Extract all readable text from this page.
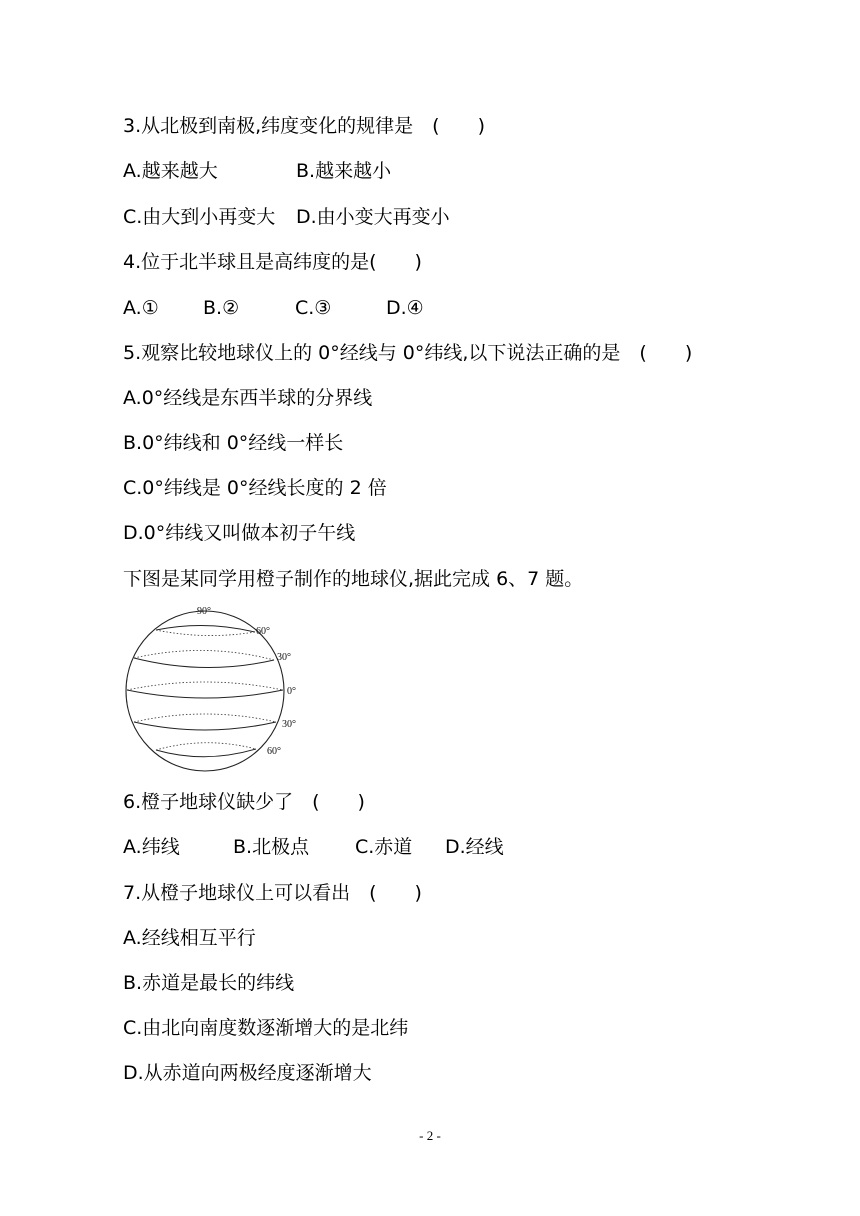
3.从北极到南极,纬度变化的规律是　(　　)
A.越来越大	B.越来越小
C.由大到小再变大 D.由小变大再变小
4.位于北半球且是高纬度的是(　　)
A.① B.②	C.③	D.④
5.观察比较地球仪上的 0°经线与 0°纬线,以下说法正确的是　(　　)
A.0°经线是东西半球的分界线
B.0°纬线和 0°经线一样长
C.0°纬线是 0°经线长度的 2 倍
D.0°纬线又叫做本初子午线
下图是某同学用橙子制作的地球仪,据此完成 6、7 题。
90°
60°
30°
0°
30°
60°
6.橙子地球仪缺少了　(　　)
A.纬线	B.北极点 C.赤道 D.经线
7.从橙子地球仪上可以看出　(　　)
A.经线相互平行
B.赤道是最长的纬线
C.由北向南度数逐渐增大的是北纬
D.从赤道向两极经度逐渐增大
- 2 -
